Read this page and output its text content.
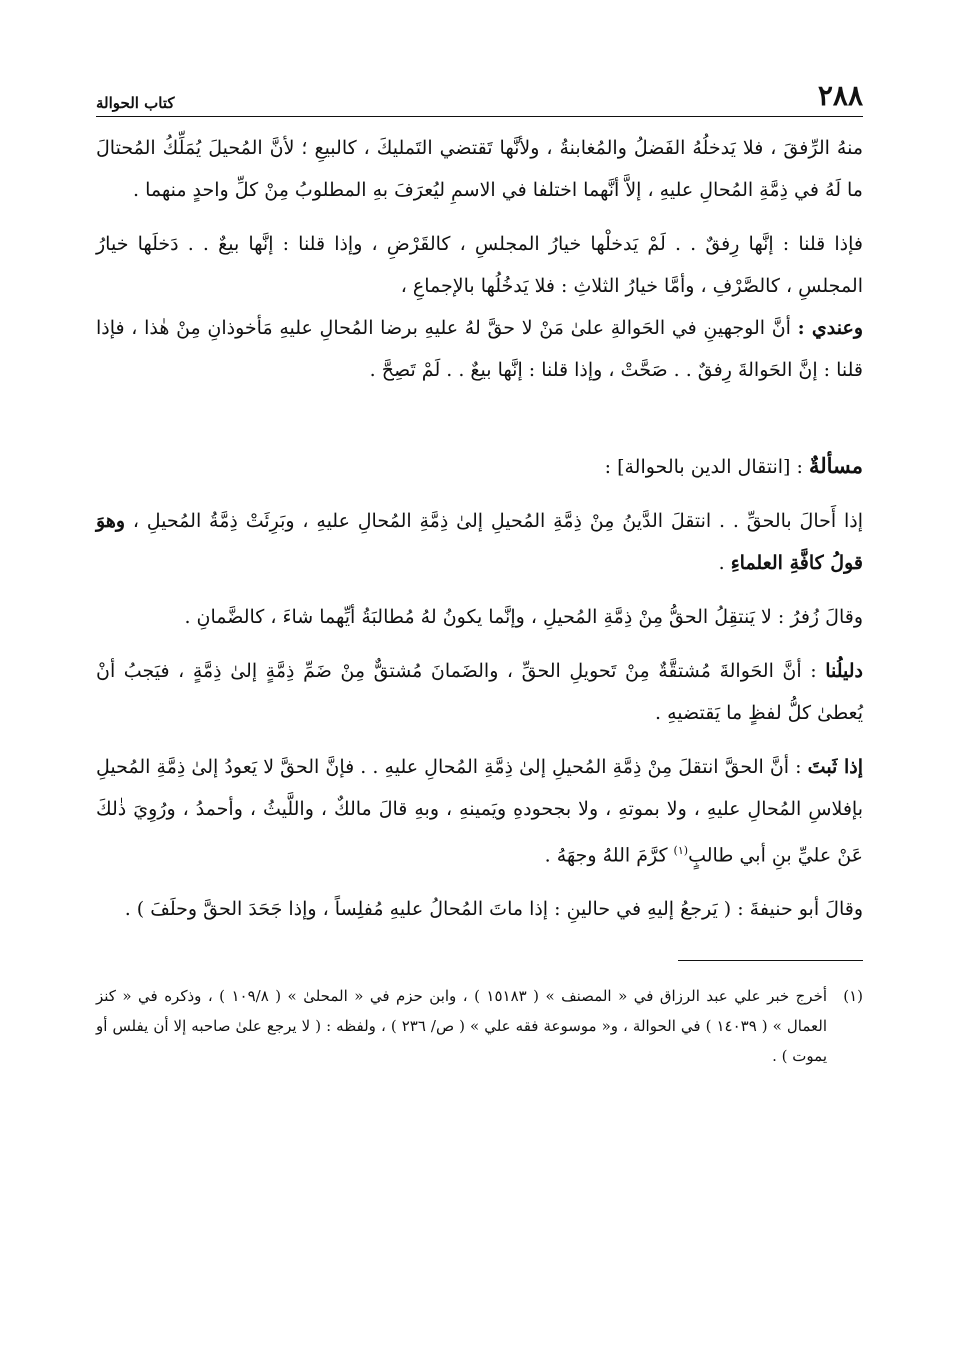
٢٨٨
كتاب الحوالة

منهُ الرِّفقَ ، فلا يَدخلُهُ الفَضلُ والمُغابنةُ ، ولأنَّها تَقتضي التَمليكَ ، كالبيعِ ؛ لأنَّ المُحيلَ يُمَلِّكُ المُحتالَ ما لَهُ في ذِمَّةِ المُحالِ عليهِ ، إلاَّ أنَّهما اختلفا في الاسمِ ليُعرَفَ بهِ المطلوبُ مِنْ كلِّ واحدٍ منهما .

فإذا قلنا : إنَّها رِفقٌ . . لَمْ يَدخلْها خيارُ المجلسِ ، كالقَرْضِ ، وإذا قلنا : إنَّها بيعٌ . . دَخلَها خيارُ المجلسِ ، كالصَّرْفِ ، وأمَّا خيارُ الثلاثِ : فلا يَدخُلُها بالإجماعِ ،
وعندي : أنَّ الوجهينِ في الحَوالةِ علىٰ مَنْ لا حقَّ لهُ عليهِ برضا المُحالِ عليهِ مَأخوذانِ مِنْ هٰذا ، فإذا قلنا : إنَّ الحَوالةَ رِفقٌ . . صَحَّتْ ، وإذا قلنا : إنَّها بيعٌ . . لَمْ تَصِحَّ .

مسألةٌ : [انتقال الدين بالحوالة] :

إذا أَحالَ بالحقِّ . . انتقلَ الدَّينُ مِنْ ذِمَّةِ المُحيلِ إلىٰ ذِمَّةِ المُحالِ عليهِ ، وبَرِئَتْ ذِمَّةُ المُحيلِ ، وهوَ قولُ كافَّةِ العلماءِ .

وقالَ زُفرُ : لا يَنتقِلُ الحقُّ مِنْ ذِمَّةِ المُحيلِ ، وإنَّما يكونُ لهُ مُطالبَةُ أيِّهما شاءَ ، كالضَّمانِ .

دليلُنا : أنَّ الحَوالةَ مُشتقَّةٌ مِنْ تَحويلِ الحقِّ ، والضَمانَ مُشتقٌّ مِنْ ضَمِّ ذِمَّةٍ إلىٰ ذِمَّةٍ ، فيَجبُ أنْ يُعطىٰ كلُّ لفظٍ ما يَقتضيهِ .

إذا ثَبتَ : أنَّ الحقَّ انتقلَ مِنْ ذِمَّةِ المُحيلِ إلىٰ ذِمَّةِ المُحالِ عليهِ . . فإنَّ الحقَّ لا يَعودُ إلىٰ ذِمَّةِ المُحيلِ بإفلاسِ المُحالِ عليهِ ، ولا بموتهِ ، ولا بجحودهِ ويَمينهِ ، وبهِ قالَ مالكٌ ، واللَّيثُ ، وأحمدُ ، ورُوِيَ ذٰلكَ عَنْ عليِّ بنِ أبي طالبٍ$^{(١)}$ كرَّمَ اللهُ وجهَهُ .

وقالَ أبو حنيفةَ : ( يَرجعُ إليهِ في حالينِ : إذا ماتَ المُحالُ عليهِ مُفلِساً ، وإذا جَحَدَ الحقَّ وحلَفَ ) .

(١)
أخرج خبر علي عبد الرزاق في « المصنف » ( ١٥١٨٣ ) ، وابن حزم في « المحلىٰ » ( ١٠٩/٨ ) ، وذكره في « كنز العمال » ( ١٤٠٣٩ ) في الحوالة ، و« موسوعة فقه علي » ( ص/ ٢٣٦ ) ، ولفظه : ( لا يرجع علىٰ صاحبه إلا أن يفلس أو يموت ) .
